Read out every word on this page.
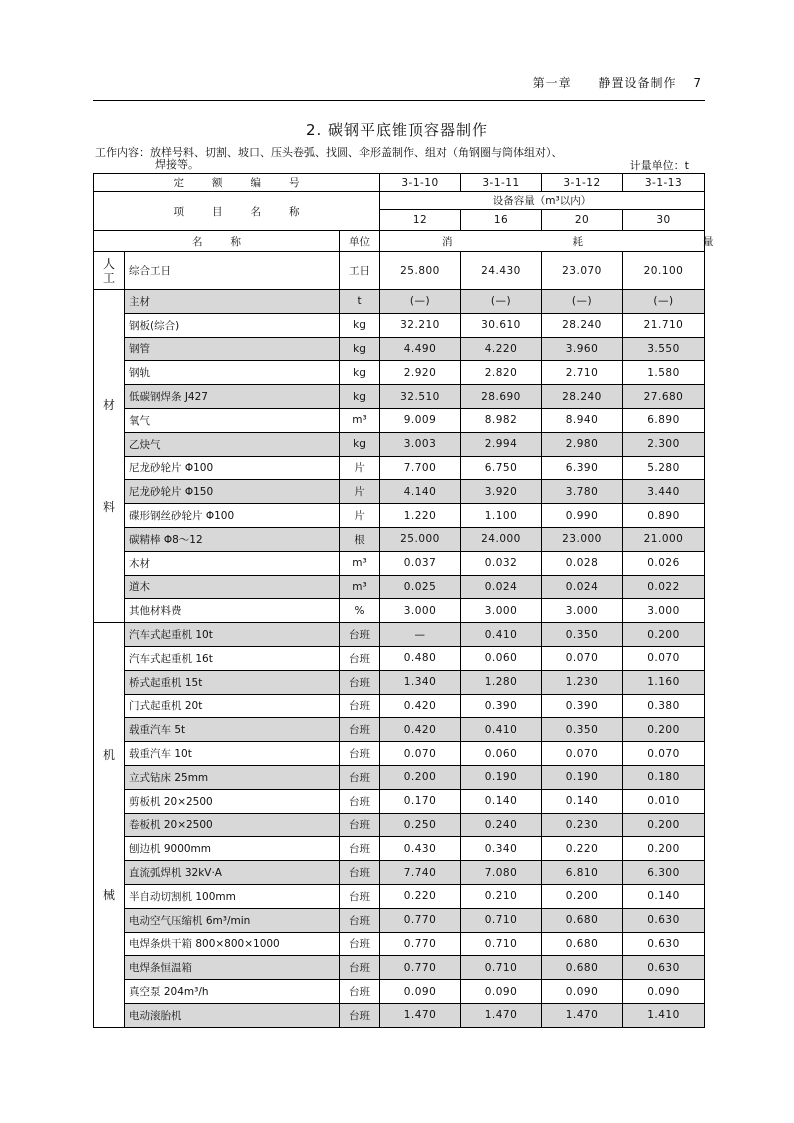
第一章 静置设备制作 7
2. 碳钢平底锥顶容器制作
工作内容：放样号料、切割、坡口、压头卷弧、找圆、伞形盖制作、组对（角钢圈与筒体组对）、
焊接等。	计量单位：t
定 额 编 号			3-1-10	3-1-11	3-1-12	3-1-13
项 目 名 称			设备容量（m³以内）			
			12	16	20	30
名 称		单位	消 耗 量			

人
工	综合工日	工日	25.800	24.430	23.070	20.100

材
料	主材	t	(—)	(—)	(—)	(—)
	钢板(综合)	kg	32.210	30.610	28.240	21.710
	钢管	kg	4.490	4.220	3.960	3.550
	钢轨	kg	2.920	2.820	2.710	1.580
	低碳钢焊条 J427	kg	32.510	28.690	28.240	27.680
	氧气	m³	9.009	8.982	8.940	6.890
	乙炔气	kg	3.003	2.994	2.980	2.300
	尼龙砂轮片 Φ100	片	7.700	6.750	6.390	5.280
	尼龙砂轮片 Φ150	片	4.140	3.920	3.780	3.440
	碟形钢丝砂轮片 Φ100	片	1.220	1.100	0.990	0.890
	碳精棒 Φ8～12	根	25.000	24.000	23.000	21.000
	木材	m³	0.037	0.032	0.028	0.026
	道木	m³	0.025	0.024	0.024	0.022
	其他材料费	%	3.000	3.000	3.000	3.000

机
械	汽车式起重机 10t	台班	—	0.410	0.350	0.200
	汽车式起重机 16t	台班	0.480	0.060	0.070	0.070
	桥式起重机 15t	台班	1.340	1.280	1.230	1.160
	门式起重机 20t	台班	0.420	0.390	0.390	0.380
	载重汽车 5t	台班	0.420	0.410	0.350	0.200
	载重汽车 10t	台班	0.070	0.060	0.070	0.070
	立式钻床 25mm	台班	0.200	0.190	0.190	0.180
	剪板机 20×2500	台班	0.170	0.140	0.140	0.010
	卷板机 20×2500	台班	0.250	0.240	0.230	0.200
	刨边机 9000mm	台班	0.430	0.340	0.220	0.200
	直流弧焊机 32kV·A	台班	7.740	7.080	6.810	6.300
	半自动切割机 100mm	台班	0.220	0.210	0.200	0.140
	电动空气压缩机 6m³/min	台班	0.770	0.710	0.680	0.630
	电焊条烘干箱 800×800×1000	台班	0.770	0.710	0.680	0.630
	电焊条恒温箱	台班	0.770	0.710	0.680	0.630
	真空泵 204m³/h	台班	0.090	0.090	0.090	0.090
	电动滚胎机	台班	1.470	1.470	1.470	1.410
